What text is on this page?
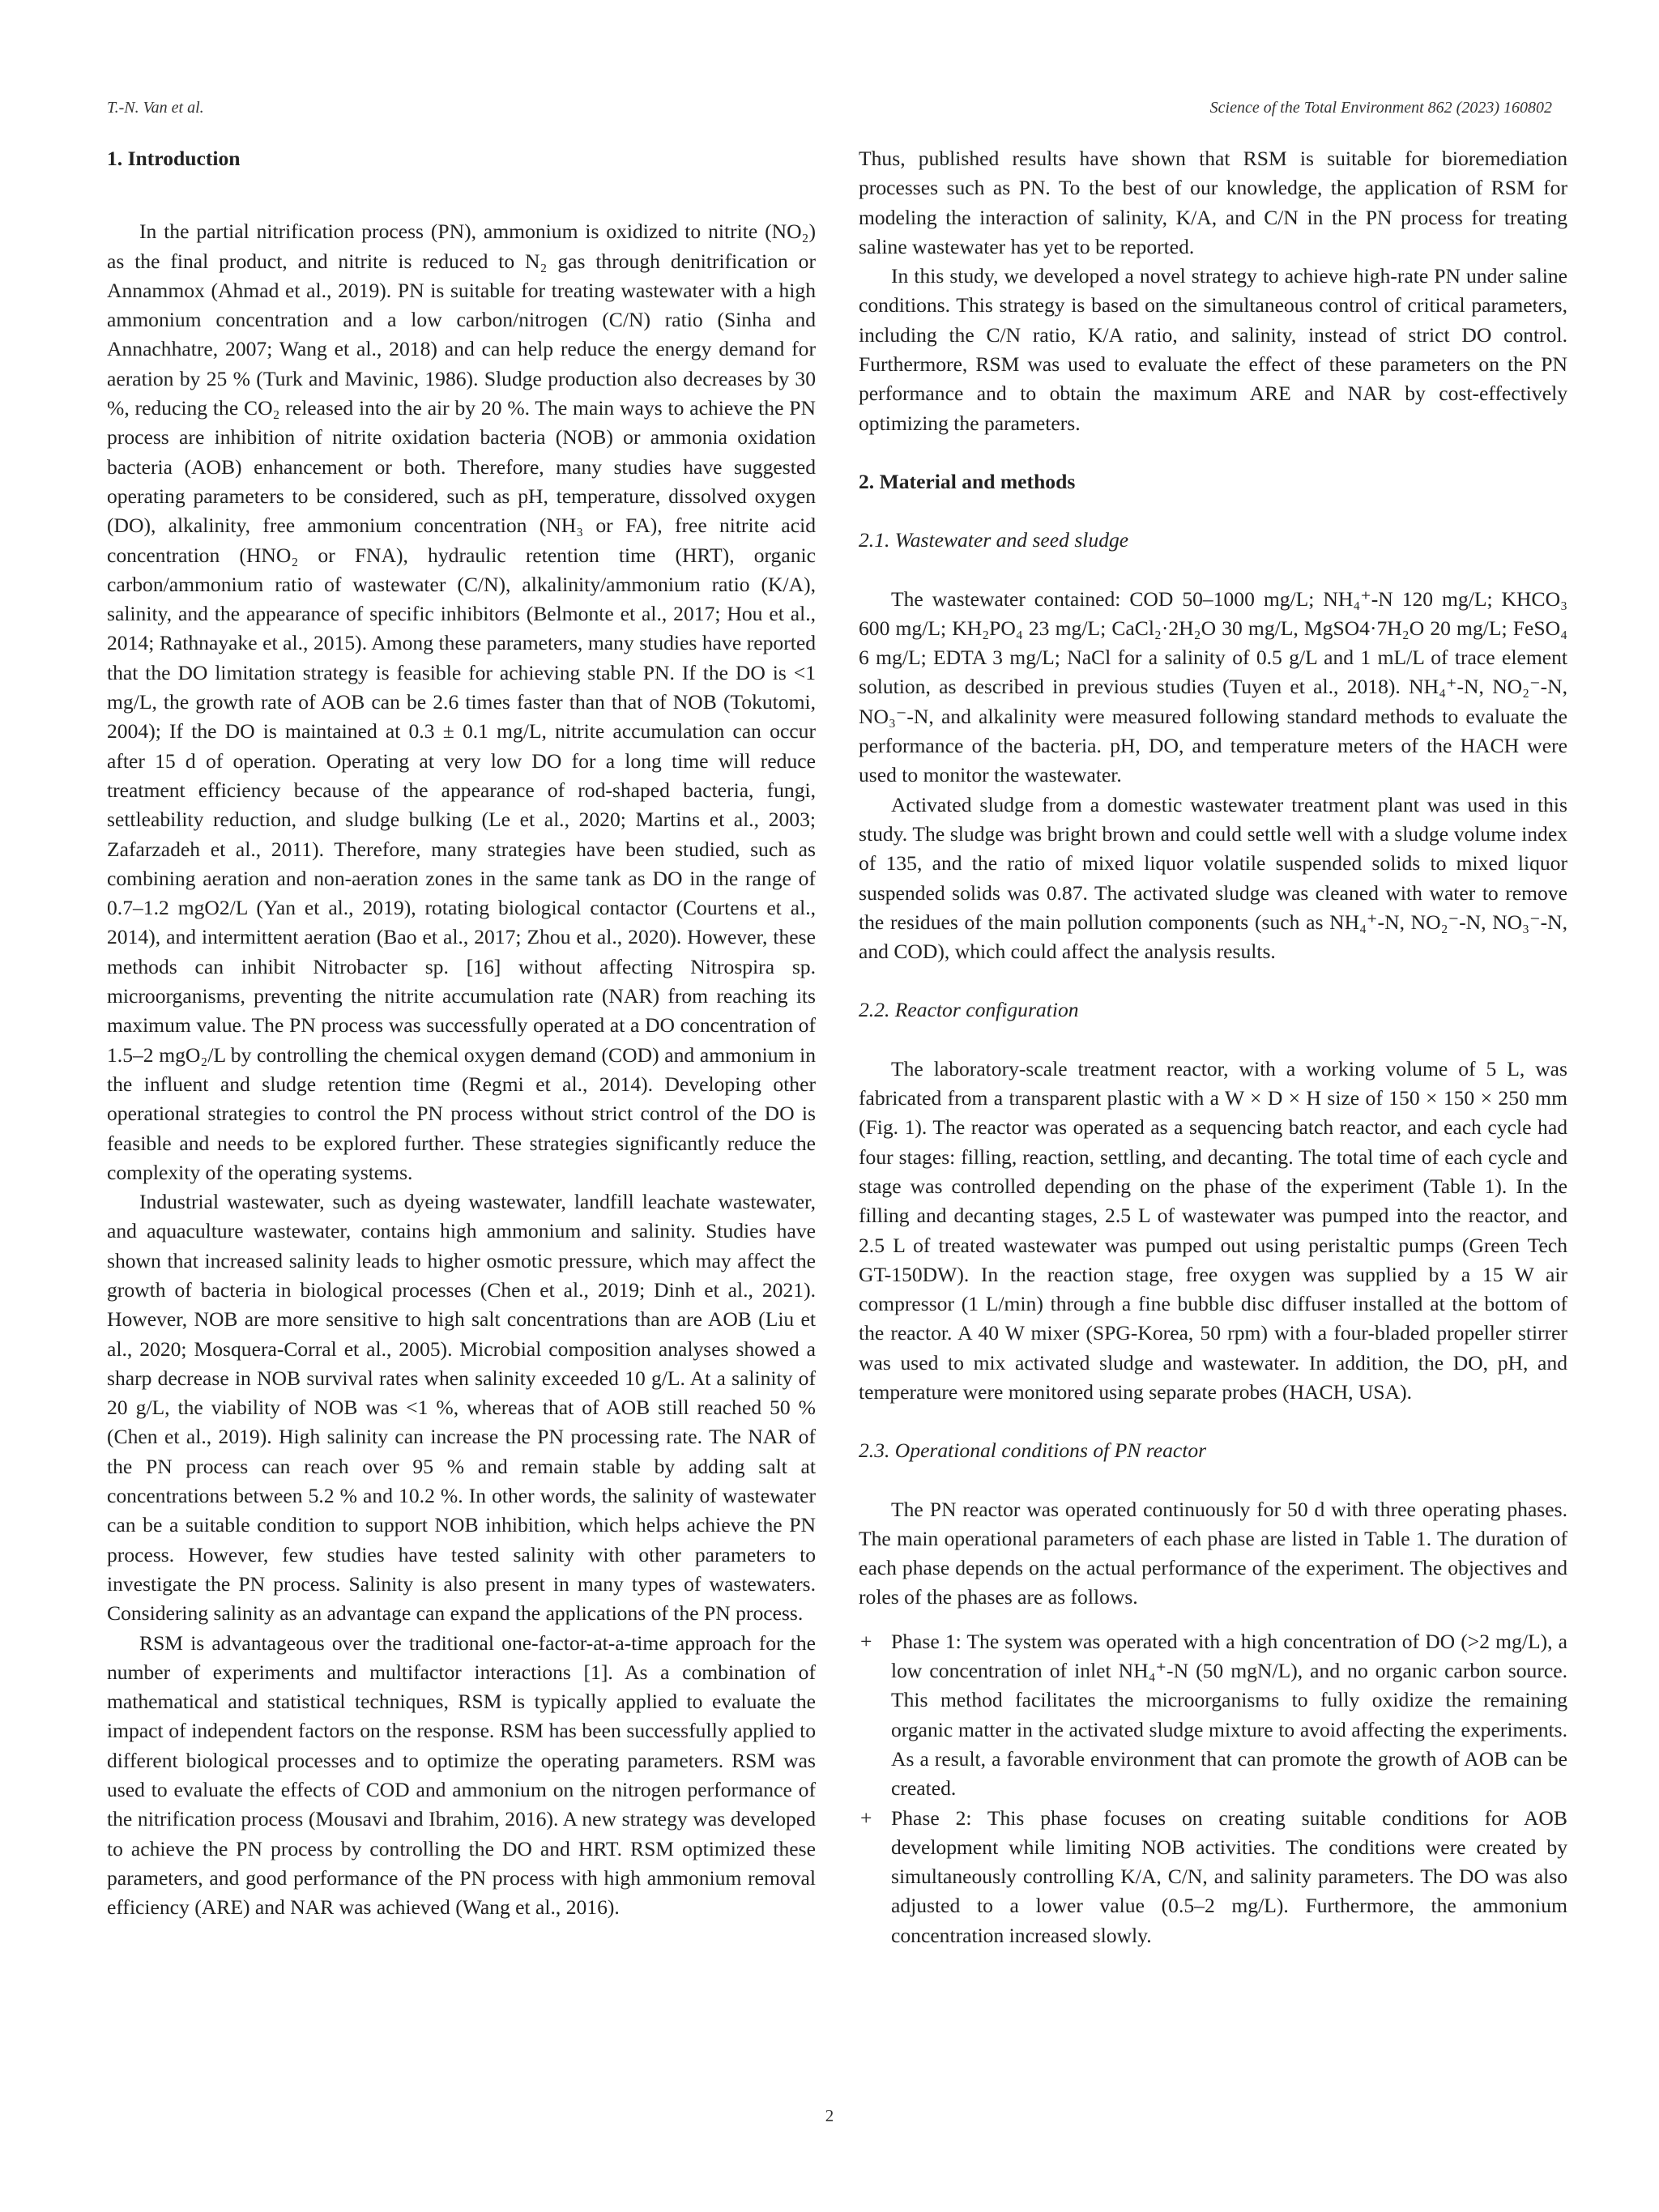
T.-N. Van et al.	Science of the Total Environment 862 (2023) 160802
1. Introduction

In the partial nitrification process (PN), ammonium is oxidized to nitrite (NO₂) as the final product, and nitrite is reduced to N₂ gas through denitrification or Annammox (Ahmad et al., 2019). PN is suitable for treating wastewater with a high ammonium concentration and a low carbon/nitrogen (C/N) ratio (Sinha and Annachhatre, 2007; Wang et al., 2018) and can help reduce the energy demand for aeration by 25 % (Turk and Mavinic, 1986). Sludge production also decreases by 30 %, reducing the CO₂ released into the air by 20 %. The main ways to achieve the PN process are inhibition of nitrite oxidation bacteria (NOB) or ammonia oxidation bacteria (AOB) enhancement or both. Therefore, many studies have suggested operating parameters to be considered, such as pH, temperature, dissolved oxygen (DO), alkalinity, free ammonium concentration (NH₃ or FA), free nitrite acid concentration (HNO₂ or FNA), hydraulic retention time (HRT), organic carbon/ammonium ratio of wastewater (C/N), alkalinity/ammonium ratio (K/A), salinity, and the appearance of specific inhibitors (Belmonte et al., 2017; Hou et al., 2014; Rathnayake et al., 2015). Among these parameters, many studies have reported that the DO limitation strategy is feasible for achieving stable PN. If the DO is <1 mg/L, the growth rate of AOB can be 2.6 times faster than that of NOB (Tokutomi, 2004); If the DO is maintained at 0.3 ± 0.1 mg/L, nitrite accumulation can occur after 15 d of operation. Operating at very low DO for a long time will reduce treatment efficiency because of the appearance of rod-shaped bacteria, fungi, settleability reduction, and sludge bulking (Le et al., 2020; Martins et al., 2003; Zafarzadeh et al., 2011). Therefore, many strategies have been studied, such as combining aeration and non-aeration zones in the same tank as DO in the range of 0.7–1.2 mgO2/L (Yan et al., 2019), rotating biological contactor (Courtens et al., 2014), and intermittent aeration (Bao et al., 2017; Zhou et al., 2020). However, these methods can inhibit Nitrobacter sp. [16] without affecting Nitrospira sp. microorganisms, preventing the nitrite accumulation rate (NAR) from reaching its maximum value. The PN process was successfully operated at a DO concentration of 1.5–2 mgO₂/L by controlling the chemical oxygen demand (COD) and ammonium in the influent and sludge retention time (Regmi et al., 2014). Developing other operational strategies to control the PN process without strict control of the DO is feasible and needs to be explored further. These strategies significantly reduce the complexity of the operating systems.

Industrial wastewater, such as dyeing wastewater, landfill leachate wastewater, and aquaculture wastewater, contains high ammonium and salinity. Studies have shown that increased salinity leads to higher osmotic pressure, which may affect the growth of bacteria in biological processes (Chen et al., 2019; Dinh et al., 2021). However, NOB are more sensitive to high salt concentrations than are AOB (Liu et al., 2020; Mosquera-Corral et al., 2005). Microbial composition analyses showed a sharp decrease in NOB survival rates when salinity exceeded 10 g/L. At a salinity of 20 g/L, the viability of NOB was <1 %, whereas that of AOB still reached 50 % (Chen et al., 2019). High salinity can increase the PN processing rate. The NAR of the PN process can reach over 95 % and remain stable by adding salt at concentrations between 5.2 % and 10.2 %. In other words, the salinity of wastewater can be a suitable condition to support NOB inhibition, which helps achieve the PN process. However, few studies have tested salinity with other parameters to investigate the PN process. Salinity is also present in many types of wastewaters. Considering salinity as an advantage can expand the applications of the PN process.

RSM is advantageous over the traditional one-factor-at-a-time approach for the number of experiments and multifactor interactions [1]. As a combination of mathematical and statistical techniques, RSM is typically applied to evaluate the impact of independent factors on the response. RSM has been successfully applied to different biological processes and to optimize the operating parameters. RSM was used to evaluate the effects of COD and ammonium on the nitrogen performance of the nitrification process (Mousavi and Ibrahim, 2016). A new strategy was developed to achieve the PN process by controlling the DO and HRT. RSM optimized these parameters, and good performance of the PN process with high ammonium removal efficiency (ARE) and NAR was achieved (Wang et al., 2016).

Thus, published results have shown that RSM is suitable for bioremediation processes such as PN. To the best of our knowledge, the application of RSM for modeling the interaction of salinity, K/A, and C/N in the PN process for treating saline wastewater has yet to be reported.

In this study, we developed a novel strategy to achieve high-rate PN under saline conditions. This strategy is based on the simultaneous control of critical parameters, including the C/N ratio, K/A ratio, and salinity, instead of strict DO control. Furthermore, RSM was used to evaluate the effect of these parameters on the PN performance and to obtain the maximum ARE and NAR by cost-effectively optimizing the parameters.

2. Material and methods
2.1. Wastewater and seed sludge

The wastewater contained: COD 50–1000 mg/L; NH₄⁺-N 120 mg/L; KHCO₃ 600 mg/L; KH₂PO₄ 23 mg/L; CaCl₂·2H₂O 30 mg/L, MgSO4·7H₂O 20 mg/L; FeSO₄ 6 mg/L; EDTA 3 mg/L; NaCl for a salinity of 0.5 g/L and 1 mL/L of trace element solution, as described in previous studies (Tuyen et al., 2018). NH₄⁺-N, NO₂⁻-N, NO₃⁻-N, and alkalinity were measured following standard methods to evaluate the performance of the bacteria. pH, DO, and temperature meters of the HACH were used to monitor the wastewater.

Activated sludge from a domestic wastewater treatment plant was used in this study. The sludge was bright brown and could settle well with a sludge volume index of 135, and the ratio of mixed liquor volatile suspended solids to mixed liquor suspended solids was 0.87. The activated sludge was cleaned with water to remove the residues of the main pollution components (such as NH₄⁺-N, NO₂⁻-N, NO₃⁻-N, and COD), which could affect the analysis results.

2.2. Reactor configuration

The laboratory-scale treatment reactor, with a working volume of 5 L, was fabricated from a transparent plastic with a W × D × H size of 150 × 150 × 250 mm (Fig. 1). The reactor was operated as a sequencing batch reactor, and each cycle had four stages: filling, reaction, settling, and decanting. The total time of each cycle and stage was controlled depending on the phase of the experiment (Table 1). In the filling and decanting stages, 2.5 L of wastewater was pumped into the reactor, and 2.5 L of treated wastewater was pumped out using peristaltic pumps (Green Tech GT-150DW). In the reaction stage, free oxygen was supplied by a 15 W air compressor (1 L/min) through a fine bubble disc diffuser installed at the bottom of the reactor. A 40 W mixer (SPG-Korea, 50 rpm) with a four-bladed propeller stirrer was used to mix activated sludge and wastewater. In addition, the DO, pH, and temperature were monitored using separate probes (HACH, USA).

2.3. Operational conditions of PN reactor

The PN reactor was operated continuously for 50 d with three operating phases. The main operational parameters of each phase are listed in Table 1. The duration of each phase depends on the actual performance of the experiment. The objectives and roles of the phases are as follows.

+ Phase 1: The system was operated with a high concentration of DO (>2 mg/L), a low concentration of inlet NH₄⁺-N (50 mgN/L), and no organic carbon source. This method facilitates the microorganisms to fully oxidize the remaining organic matter in the activated sludge mixture to avoid affecting the experiments. As a result, a favorable environment that can promote the growth of AOB can be created.
+ Phase 2: This phase focuses on creating suitable conditions for AOB development while limiting NOB activities. The conditions were created by simultaneously controlling K/A, C/N, and salinity parameters. The DO was also adjusted to a lower value (0.5–2 mg/L). Furthermore, the ammonium concentration increased slowly.
2
